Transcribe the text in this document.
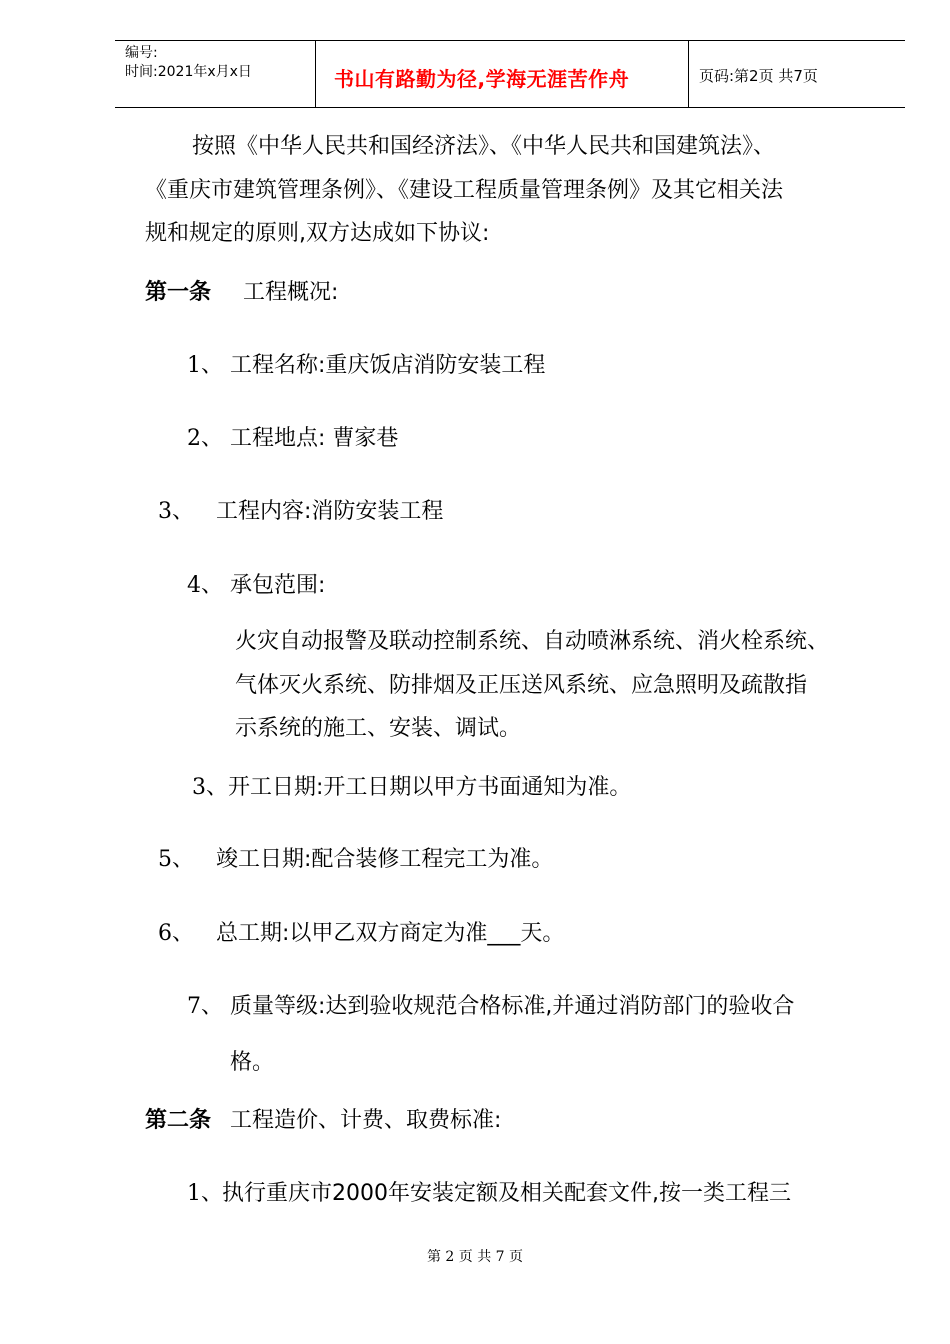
编号:
时间:2021年x月x日	书山有路勤为径,学海无涯苦作舟	页码:第2页 共7页
按照《中华人民共和国经济法》、《中华人民共和国建筑法》、
《重庆市建筑管理条例》、《建设工程质量管理条例》及其它相关法
规和规定的原则,双方达成如下协议:
第一条 工程概况:
1、 工程名称:重庆饭店消防安装工程
2、 工程地点: 曹家巷
3、 工程内容:消防安装工程
4、 承包范围:
火灾自动报警及联动控制系统、自动喷淋系统、消火栓系统、
气体灭火系统、防排烟及正压送风系统、应急照明及疏散指
示系统的施工、安装、调试。
3、 开工日期:开工日期以甲方书面通知为准。
5、 竣工日期:配合装修工程完工为准。
6、 总工期:以甲乙双方商定为准___天。
7、 质量等级:达到验收规范合格标准,并通过消防部门的验收合
格。
第二条 工程造价、计费、取费标准:
1、 执行重庆市2000年安装定额及相关配套文件,按一类工程三
第 2 页 共 7 页
